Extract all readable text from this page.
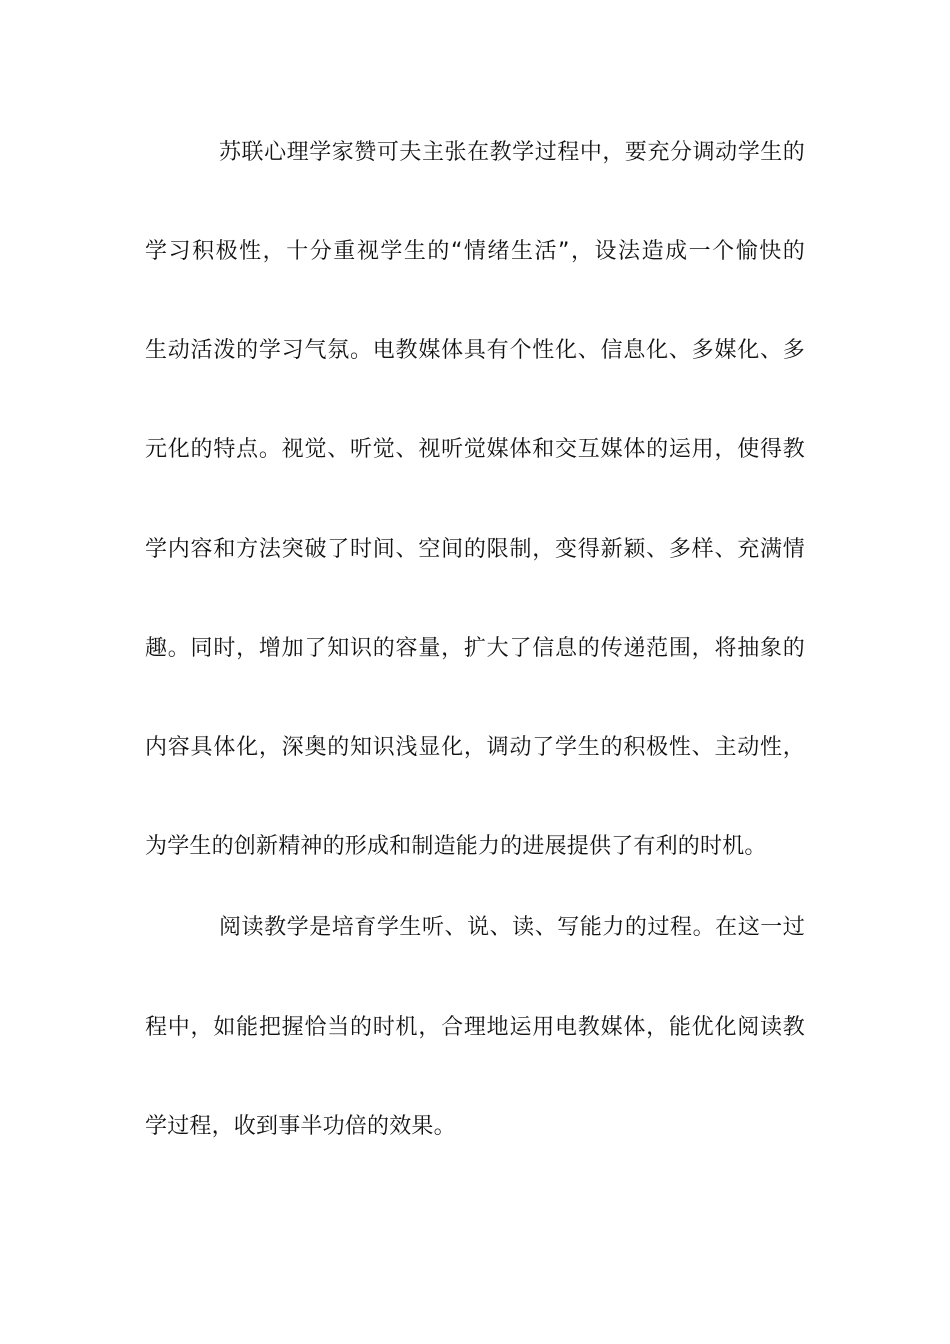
苏联心理学家赞可夫主张在教学过程中，要充分调动学生的
学习积极性，十分重视学生的“情绪生活”，设法造成一个愉快的
生动活泼的学习气氛。电教媒体具有个性化、信息化、多媒化、多
元化的特点。视觉、听觉、视听觉媒体和交互媒体的运用，使得教
学内容和方法突破了时间、空间的限制，变得新颖、多样、充满情
趣。同时，增加了知识的容量，扩大了信息的传递范围，将抽象的
内容具体化，深奥的知识浅显化，调动了学生的积极性、主动性，
为学生的创新精神的形成和制造能力的进展提供了有利的时机。
阅读教学是培育学生听、说、读、写能力的过程。在这一过
程中，如能把握恰当的时机，合理地运用电教媒体，能优化阅读教
学过程，收到事半功倍的效果。
